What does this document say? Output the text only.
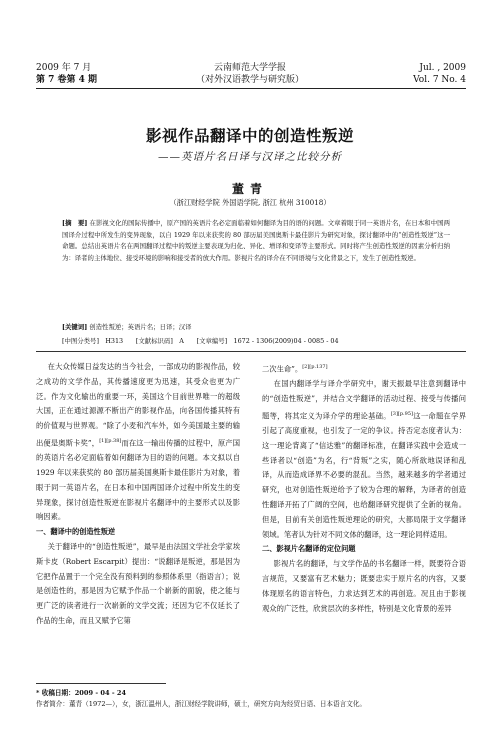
2009 年 7 月
第 7 卷第 4 期
云南师范大学学报
（对外汉语教学与研究版）
Jul. , 2009
Vol. 7 No. 4
影视作品翻译中的创造性叛逆
——英语片名日译与汉译之比较分析
董青
（浙江财经学院 外国语学院, 浙江 杭州 310018）
[摘　要] 在影视文化的国际传播中，原产国的英语片名必定面临着如何翻译为目的语的问题。文章着眼于同一英语片名，在日本和中国两国译介过程中所发生的变异现象，以自 1929 年以来获奖的 80 部历届美国奥斯卡最佳影片为研究对象，探讨翻译中的“创造性叛逆”这一命题。总结出英语片名在两国翻译过程中的叛逆主要表现为归化、异化、增译和变译等主要形式。同时将产生创造性叛逆的因素分析归纳为：译者的主体地位、接受环境的影响和接受者的放大作用。影视片名的译介在不同语境与文化背景之下，发生了创造性叛逆。
[关键词] 创造性叛逆；英语片名；日译；汉译
[中图分类号]　H313　　[文献标识码]　A　　[文章编号]　1672 - 1306(2009)04 - 0085 - 04

在大众传媒日益发达的当今社会，一部成功的影视作品，较之成功的文学作品，其传播速度更为迅速，其受众也更为广泛。作为文化输出的重要一环，美国这个目前世界唯一的超级大国，正在通过源源不断出产的影视作品，向各国传播其特有的价值观与世界观。“除了小麦和汽车外，如今美国最主要的输出便是奥斯卡奖”，[1][p.38]而在这一输出传播的过程中，原产国的英语片名必定面临着如何翻译为目的语的问题。本文拟以自 1929 年以来获奖的 80 部历届美国奥斯卡最佳影片为对象，着眼于同一英语片名，在日本和中国两国译介过程中所发生的变异现象，探讨创造性叛逆在影视片名翻译中的主要形式以及影响因素。

一、翻译中的创造性叛逆

关于翻译中的“创造性叛逆”，最早是由法国文学社会学家埃斯卡皮（Robert Escarpit）提出：“说翻译是叛逆，那是因为它把作品置于一个完全没有预料到的参照体系里（指语言）；说是创造性的，那是因为它赋予作品一个崭新的面貌，使之能与更广泛的读者进行一次崭新的文学交流；还因为它不仅延长了作品的生命，而且又赋予它第

二次生命”。[2][p.137]

在国内翻译学与译介学研究中，谢天振最早注意到翻译中的“创造性叛逆”，并结合文学翻译的活动过程、接受与传播问题等，将其定义为译介学的理论基础。[3][p.95]这一命题在学界引起了高度重视，也引发了一定的争议。持否定态度者认为：这一理论背离了“信达雅”的翻译标准，在翻译实践中会造成一些译者以“创造”为名，行“背叛”之实，随心所欲地误译和乱译，从而造成译界不必要的混乱。当然，越来越多的学者通过研究，也对创造性叛逆给予了较为合理的解释，为译者的创造性翻译开拓了广阔的空间，也给翻译研究提供了全新的视角。但是，目前有关创造性叛逆理论的研究，大都局限于文学翻译领域。笔者认为针对不同文体的翻译，这一理论同样适用。

二、影视片名翻译的定位问题

影视片名的翻译，与文学作品的书名翻译一样，既要符合语言规范，又要富有艺术魅力；既要忠实于原片名的内容，又要体现原名的语言特色，力求达到艺术的再创造。况且由于影视观众的广泛性，欣赏层次的多样性，特别是文化背景的差异

* 收稿日期：2009 - 04 - 24
作者简介：董青（1972—），女，浙江温州人，浙江财经学院讲师，硕士，研究方向为经贸日语、日本语言文化。
